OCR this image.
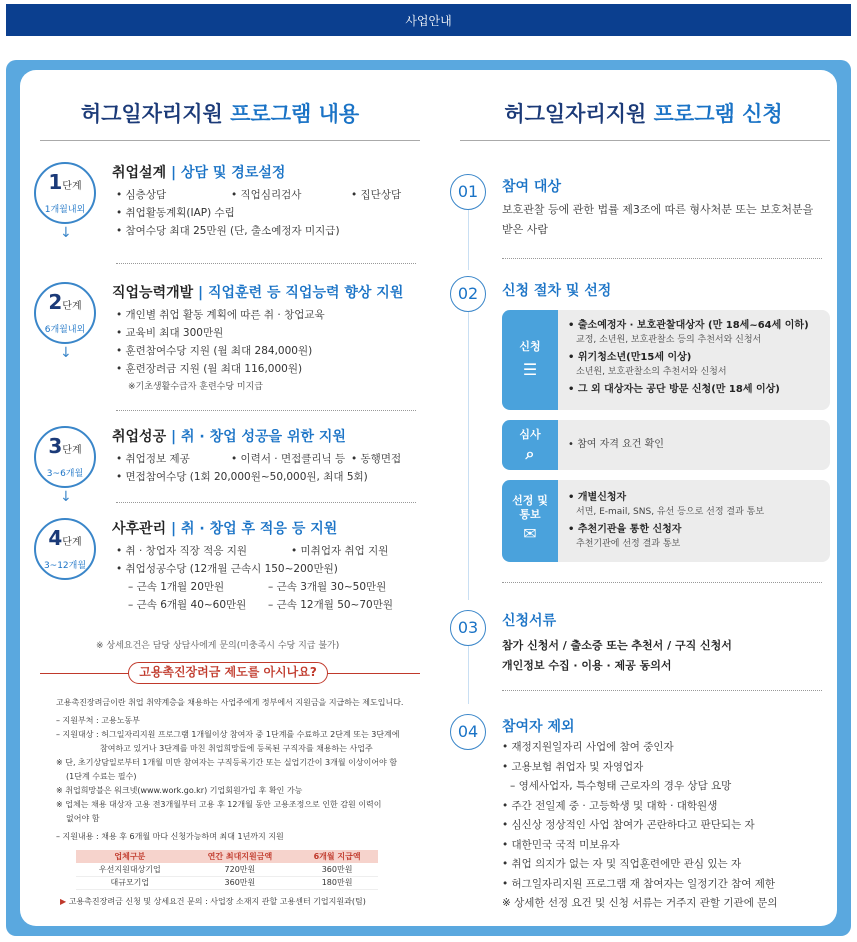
사업안내
허그일자리지원 프로그램 내용
1단계
1개월내외
↓
취업설계 | 상담 및 경로설정
• 심층상담	• 직업심리검사	• 집단상담
• 취업활동계획(IAP) 수립
• 참여수당 최대 25만원 (단, 출소예정자 미지급)
2단계
6개월내외
↓
직업능력개발 | 직업훈련 등 직업능력 향상 지원
• 개인별 취업 활동 계획에 따른 취 · 창업교육
• 교육비 최대 300만원
• 훈련참여수당 지원 (월 최대 284,000원)
• 훈련장려금 지원 (월 최대 116,000원)
※기초생활수급자 훈련수당 미지급
3단계
3~6개월
↓
취업성공 | 취 · 창업 성공을 위한 지원
• 취업정보 제공	• 이력서 · 면접클리닉 등 • 동행면접
• 면접참여수당 (1회 20,000원~50,000원, 최대 5회)
4단계
3~12개월
사후관리 | 취 · 창업 후 적응 등 지원
• 취 · 창업자 직장 적응 지원	• 미취업자 취업 지원
• 취업성공수당 (12개월 근속시 150~200만원)
– 근속 1개월 20만원	– 근속 3개월 30~50만원
– 근속 6개월 40~60만원	– 근속 12개월 50~70만원
※ 상세요건은 담당 상담사에게 문의(미충족시 수당 지급 불가)
고용촉진장려금 제도를 아시나요?
고용촉진장려금이란 취업 취약계층을 채용하는 사업주에게 정부에서 지원금을 지급하는 제도입니다.
– 지원부처 : 고용노동부
– 지원대상 : 허그일자리지원 프로그램 1개월이상 참여자 중 1단계를 수료하고 2단계 또는 3단계에
참여하고 있거나 3단계를 마친 취업희망들에 등록된 구직자를 채용하는 사업주
※ 단, 초기상담일로부터 1개월 미만 참여자는 구직등록기간 또는 실업기간이 3개월 이상이어야 함
(1단계 수료는 필수)
※ 취업희망블은 워크넷(www.work.go.kr) 기업회원가입 후 확인 가능
※ 업체는 채용 대상자 고용 전3개월부터 고용 후 12개월 동안 고용조정으로 인한 감원 이력이
없어야 함
– 지원내용 : 채용 후 6개월 마다 신청가능하며 최대 1년까지 지원
업체구분	연간 최대지원금액	6개월 지급액
우선지원대상기업	720만원	360만원
대규모기업	360만원	180만원
▶ 고용촉진장려금 신청 및 상세요건 문의 : 사업장 소재지 관할 고용센터 기업지원과(팀)
허그일자리지원 프로그램 신청
01	참여 대상
보호관찰 등에 관한 법률 제3조에 따른 형사처분 또는 보호처분을 받은 사람
02	신청 절차 및 선정
신청
☰
• 출소예정자 · 보호관찰대상자 (만 18세~64세 이하)
교정, 소년원, 보호관찰소 등의 추천서와 신청서
• 위기청소년(만15세 이상)
소년원, 보호관찰소의 추천서와 신청서
• 그 외 대상자는 공단 방문 신청(만 18세 이상)
심사
⌕	• 참여 자격 요건 확인
선정 및
통보
✉
• 개별신청자
서면, E-mail, SNS, 유선 등으로 선정 결과 통보
• 추천기관을 통한 신청자
추천기관에 선정 결과 통보
03	신청서류
참가 신청서 / 출소증 또는 추천서 / 구직 신청서
개인정보 수집 · 이용 · 제공 동의서
04	참여자 제외
• 재정지원일자리 사업에 참여 중인자
• 고용보험 취업자 및 자영업자
– 영세사업자, 특수형태 근로자의 경우 상담 요망
• 주간 전일제 중 · 고등학생 및 대학 · 대학원생
• 심신상 정상적인 사업 참여가 곤란하다고 판단되는 자
• 대한민국 국적 미보유자
• 취업 의지가 없는 자 및 직업훈련에만 관심 있는 자
• 허그일자리지원 프로그램 재 참여자는 일정기간 참여 제한
※ 상세한 선정 요건 및 신청 서류는 거주지 관할 기관에 문의
